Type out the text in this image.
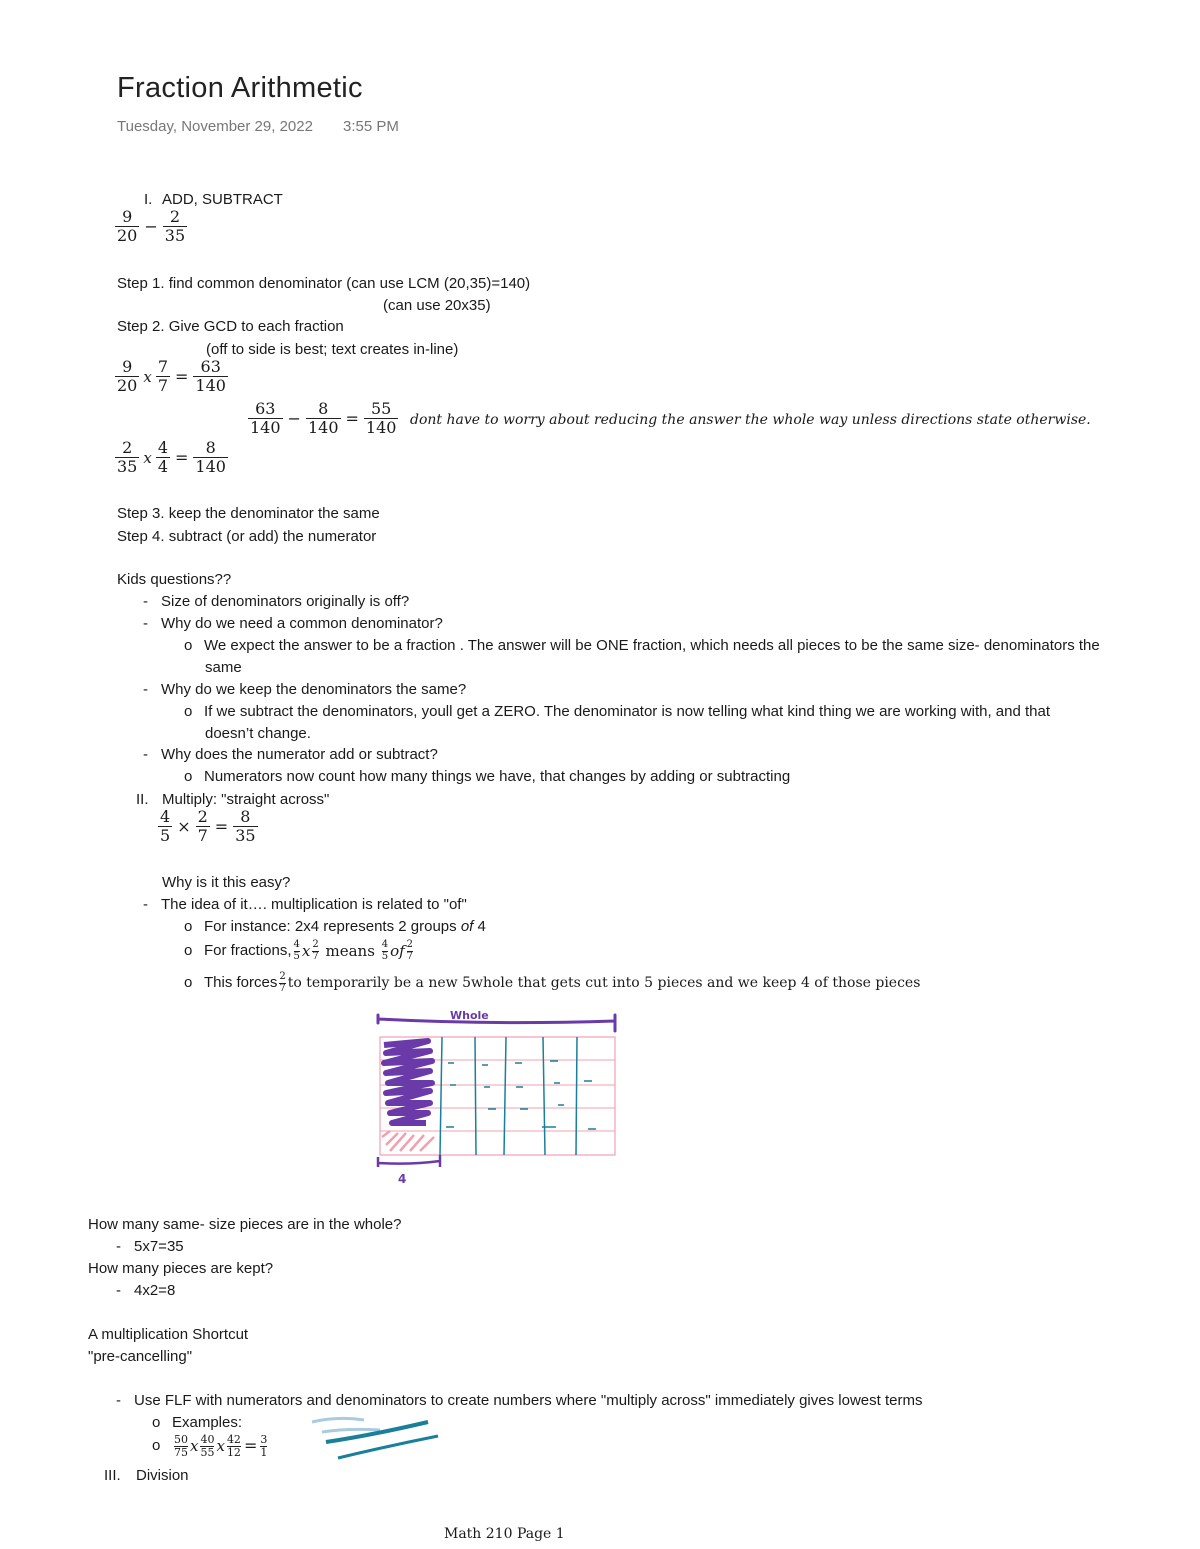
Fraction Arithmetic
Tuesday, November 29, 2022 3:55 PM
I. ADD, SUBTRACT
$\frac{9}{20} - \frac{2}{35}$
Step 1. find common denominator (can use LCM (20,35)=140)
(can use 20x35)
Step 2. Give GCD to each fraction
(off to side is best; text creates in-line)
$\frac{9}{20}$ x $\frac{7}{7} = \frac{63}{140}$
$\frac{63}{140} - \frac{8}{140} = \frac{55}{140}$ dont have to worry about reducing the answer the whole way unless directions state otherwise.
$\frac{2}{35}$ x $\frac{4}{4} = \frac{8}{140}$
Step 3. keep the denominator the same
Step 4. subtract (or add) the numerator
Kids questions??
- Size of denominators originally is off?
- Why do we need a common denominator?
o We expect the answer to be a fraction . The answer will be ONE fraction, which needs all pieces to be the same size- denominators the
same
- Why do we keep the denominators the same?
o If we subtract the denominators, youll get a ZERO. The denominator is now telling what kind thing we are working with, and that
doesn’t change.
- Why does the numerator add or subtract?
o Numerators now count how many things we have, that changes by adding or subtracting
II. Multiply: "straight across"
$\frac{4}{5} \times \frac{2}{7} = \frac{8}{35}$
Why is it this easy?
- The idea of it…. multiplication is related to "of"
o For instance: 2x4 represents 2 groups of 4
o For fractions, $\frac{4}{5}$ x $\frac{2}{7}$ means $\frac{4}{5}$ of $\frac{2}{7}$
o This forces $\frac{2}{7}$ to temporarily be a new 5whole that gets cut into 5 pieces and we keep 4 of those pieces
Whole
4
How many same- size pieces are in the whole?
- 5x7=35
How many pieces are kept?
- 4x2=8
A multiplication Shortcut
"pre-cancelling"
- Use FLF with numerators and denominators to create numbers where "multiply across" immediately gives lowest terms
o Examples:
o	$\frac{50}{75}$ x $\frac{40}{55}$ x $\frac{42}{12} = \frac{3}{1}$
III. Division
Math 210 Page 1
